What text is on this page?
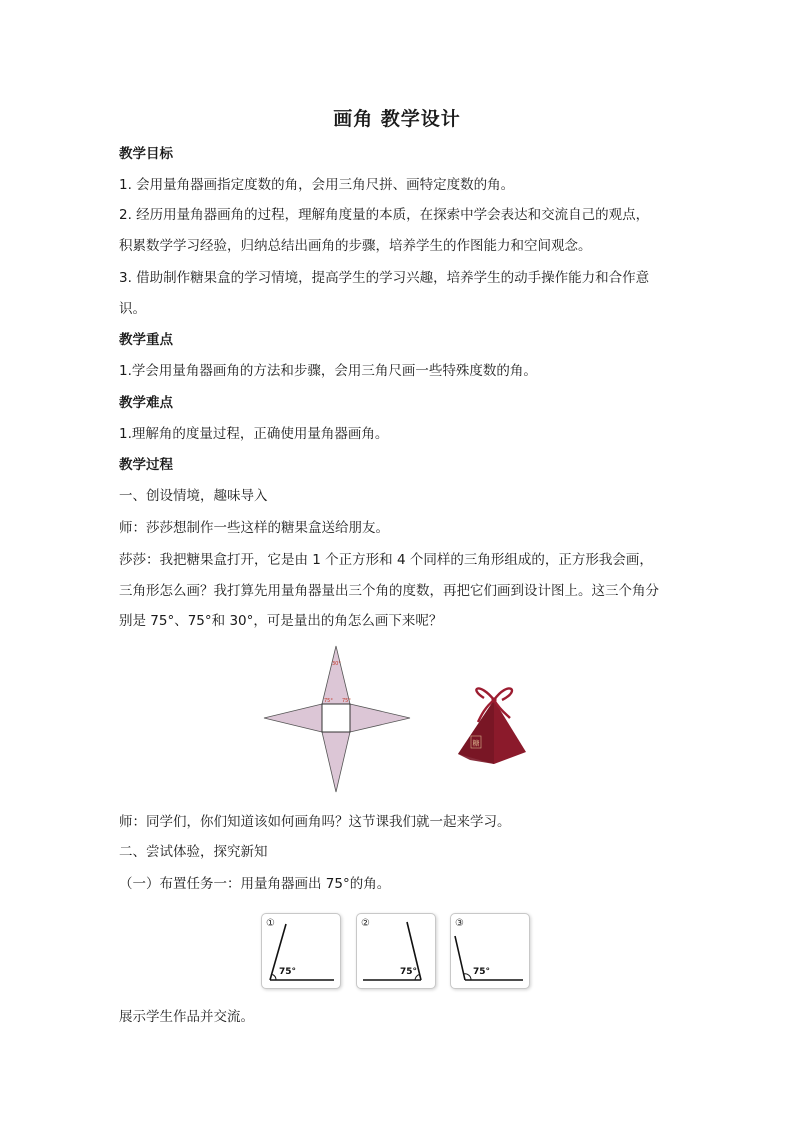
画角 教学设计
教学目标
1. 会用量角器画指定度数的角，会用三角尺拼、画特定度数的角。
2. 经历用量角器画角的过程，理解角度量的本质，在探索中学会表达和交流自己的观点，
积累数学学习经验，归纳总结出画角的步骤，培养学生的作图能力和空间观念。
3. 借助制作糖果盒的学习情境，提高学生的学习兴趣，培养学生的动手操作能力和合作意
识。
教学重点
1.学会用量角器画角的方法和步骤，会用三角尺画一些特殊度数的角。
教学难点
1.理解角的度量过程，正确使用量角器画角。
教学过程
一、创设情境，趣味导入
师：莎莎想制作一些这样的糖果盒送给朋友。
莎莎：我把糖果盒打开，它是由 1 个正方形和 4 个同样的三角形组成的，正方形我会画，
三角形怎么画？我打算先用量角器量出三个角的度数，再把它们画到设计图上。这三个角分
别是 75°、75°和 30°，可是量出的角怎么画下来呢？
30°
75° 75°
糖
师：同学们，你们知道该如何画角吗？这节课我们就一起来学习。
二、尝试体验，探究新知
（一）布置任务一：用量角器画出 75°的角。
①
75°
②
75°
③
75°
展示学生作品并交流。
